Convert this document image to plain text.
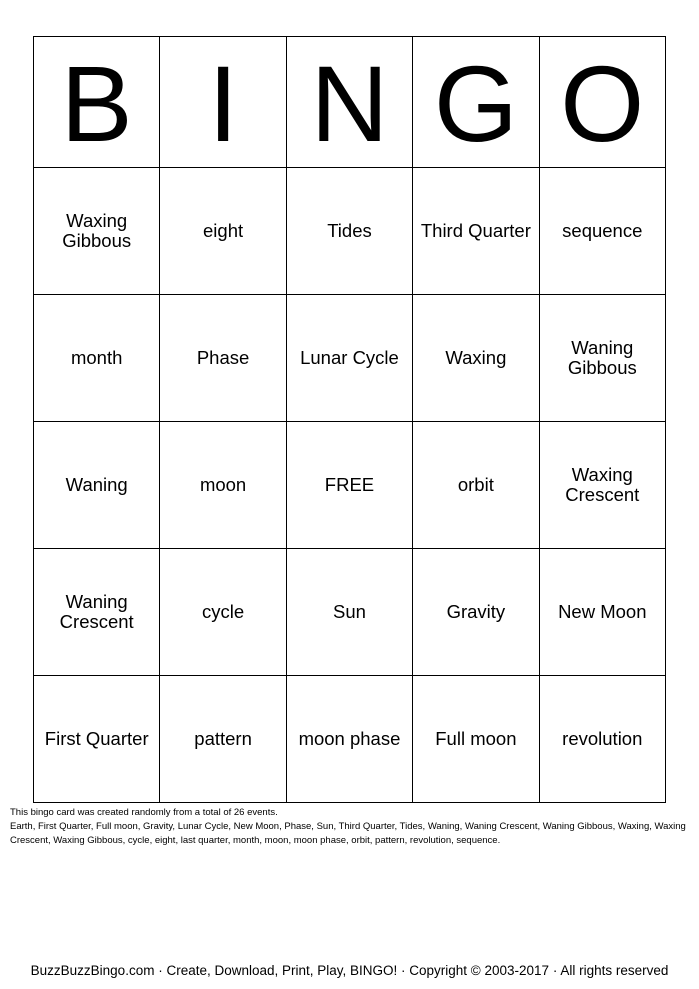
B	I	N	G	O
Waxing Gibbous	eight	Tides	Third Quarter	sequence
month	Phase	Lunar Cycle	Waxing	Waning Gibbous
Waning	moon	FREE	orbit	Waxing Crescent
Waning Crescent	cycle	Sun	Gravity	New Moon
First Quarter	pattern	moon phase	Full moon	revolution

This bingo card was created randomly from a total of 26 events.

Earth, First Quarter, Full moon, Gravity, Lunar Cycle, New Moon, Phase, Sun, Third Quarter, Tides, Waning, Waning Crescent, Waning Gibbous, Waxing, Waxing Crescent, Waxing Gibbous, cycle, eight, last quarter, month, moon, moon phase, orbit, pattern, revolution, sequence.

BuzzBuzzBingo.com · Create, Download, Print, Play, BINGO! · Copyright © 2003-2017 · All rights reserved
